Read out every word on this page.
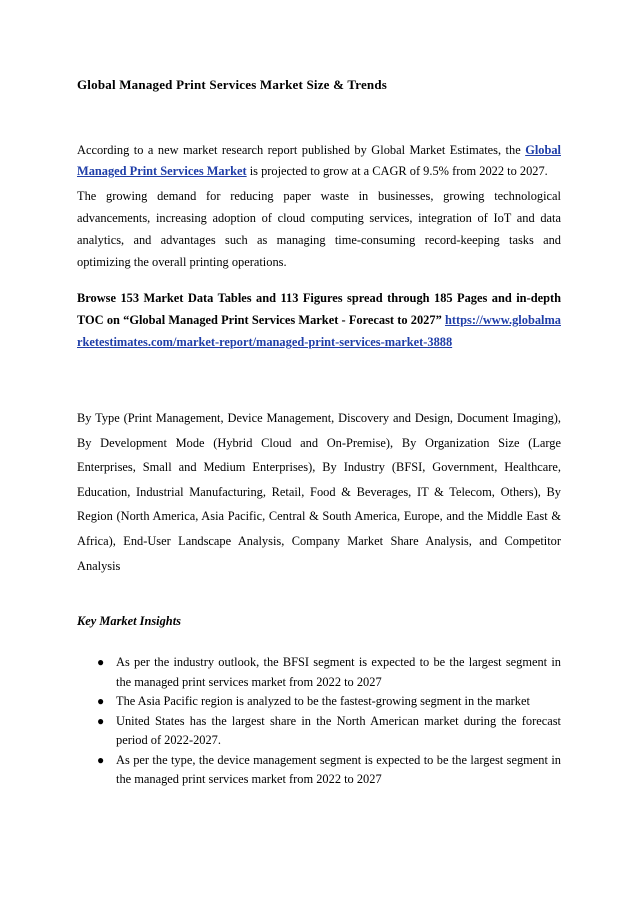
Global Managed Print Services Market Size & Trends
According to a new market research report published by Global Market Estimates, the Global Managed Print Services Market is projected to grow at a CAGR of 9.5% from 2022 to 2027.
The growing demand for reducing paper waste in businesses, growing technological advancements, increasing adoption of cloud computing services, integration of IoT and data analytics, and advantages such as managing time-consuming record-keeping tasks and optimizing the overall printing operations.
Browse 153 Market Data Tables and 113 Figures spread through 185 Pages and in-depth TOC on “Global Managed Print Services Market - Forecast to 2027” https://www.globalmarketestimates.com/market-report/managed-print-services-market-3888
By Type (Print Management, Device Management, Discovery and Design, Document Imaging), By Development Mode (Hybrid Cloud and On-Premise), By Organization Size (Large Enterprises, Small and Medium Enterprises), By Industry (BFSI, Government, Healthcare, Education, Industrial Manufacturing, Retail, Food & Beverages, IT & Telecom, Others), By Region (North America, Asia Pacific, Central & South America, Europe, and the Middle East & Africa), End-User Landscape Analysis, Company Market Share Analysis, and Competitor Analysis
Key Market Insights
● As per the industry outlook, the BFSI segment is expected to be the largest segment in the managed print services market from 2022 to 2027
● The Asia Pacific region is analyzed to be the fastest-growing segment in the market
● United States has the largest share in the North American market during the forecast period of 2022-2027.
● As per the type, the device management segment is expected to be the largest segment in the managed print services market from 2022 to 2027
